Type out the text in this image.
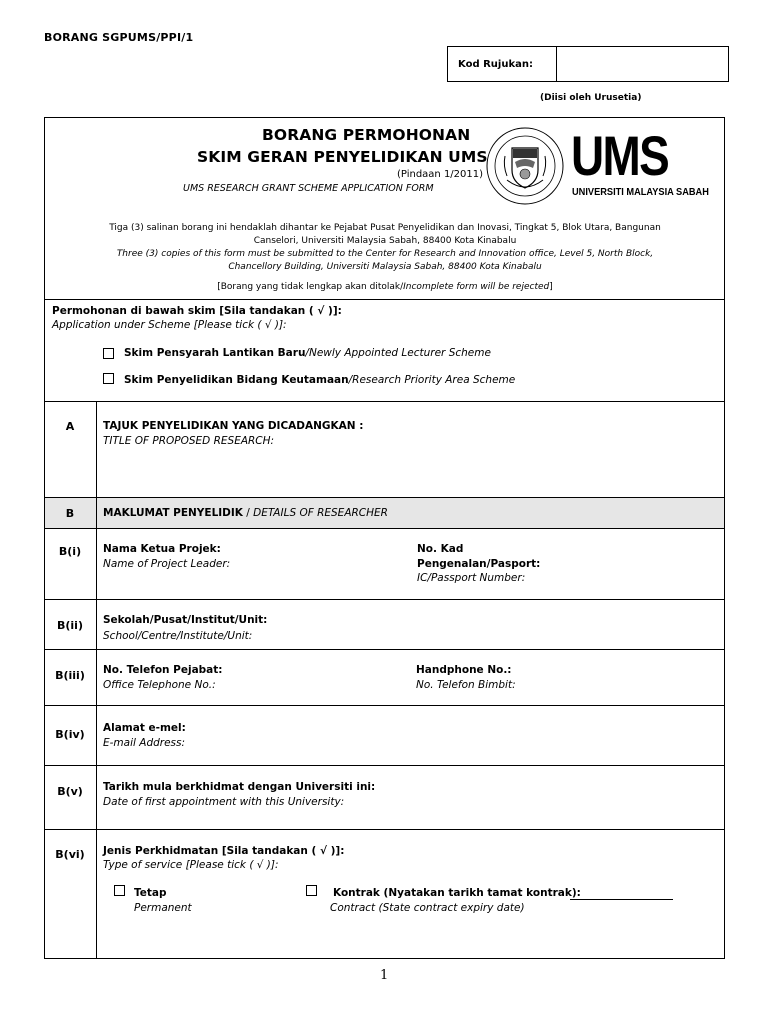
BORANG SGPUMS/PPI/1
Kod Rujukan:
(Diisi oleh Urusetia)
BORANG PERMOHONAN
SKIM GERAN PENYELIDIKAN UMS
(Pindaan 1/2011)
UMS RESEARCH GRANT SCHEME APPLICATION FORM
UMS
UNIVERSITI MALAYSIA SABAH
Tiga (3) salinan borang ini hendaklah dihantar ke Pejabat Pusat Penyelidikan dan Inovasi, Tingkat 5, Blok Utara, Bangunan
Canselori, Universiti Malaysia Sabah, 88400 Kota Kinabalu
Three (3) copies of this form must be submitted to the Center for Research and Innovation office, Level 5, North Block,
Chancellory Building, Universiti Malaysia Sabah, 88400 Kota Kinabalu
[Borang yang tidak lengkap akan ditolak/Incomplete form will be rejected]
Permohonan di bawah skim [Sila tandakan ( √ )]:
Application under Scheme [Please tick ( √ )]:
Skim Pensyarah Lantikan Baru/Newly Appointed Lecturer Scheme
Skim Penyelidikan Bidang Keutamaan/Research Priority Area Scheme
A	TAJUK PENYELIDIKAN YANG DICADANGKAN :
TITLE OF PROPOSED RESEARCH:
B	MAKLUMAT PENYELIDIK / DETAILS OF RESEARCHER
B(i)	Nama Ketua Projek:
Name of Project Leader:
No. Kad
Pengenalan/Pasport:
IC/Passport Number:
B(ii)	Sekolah/Pusat/Institut/Unit:
School/Centre/Institute/Unit:
B(iii)	No. Telefon Pejabat:
Office Telephone No.:
Handphone No.:
No. Telefon Bimbit:
B(iv)	Alamat e-mel:
E-mail Address:
B(v)	Tarikh mula berkhidmat dengan Universiti ini:
Date of first appointment with this University:
B(vi)	Jenis Perkhidmatan [Sila tandakan ( √ )]:
Type of service [Please tick ( √ )]:
Tetap
Permanent
Kontrak (Nyatakan tarikh tamat kontrak):
Contract (State contract expiry date)
1
